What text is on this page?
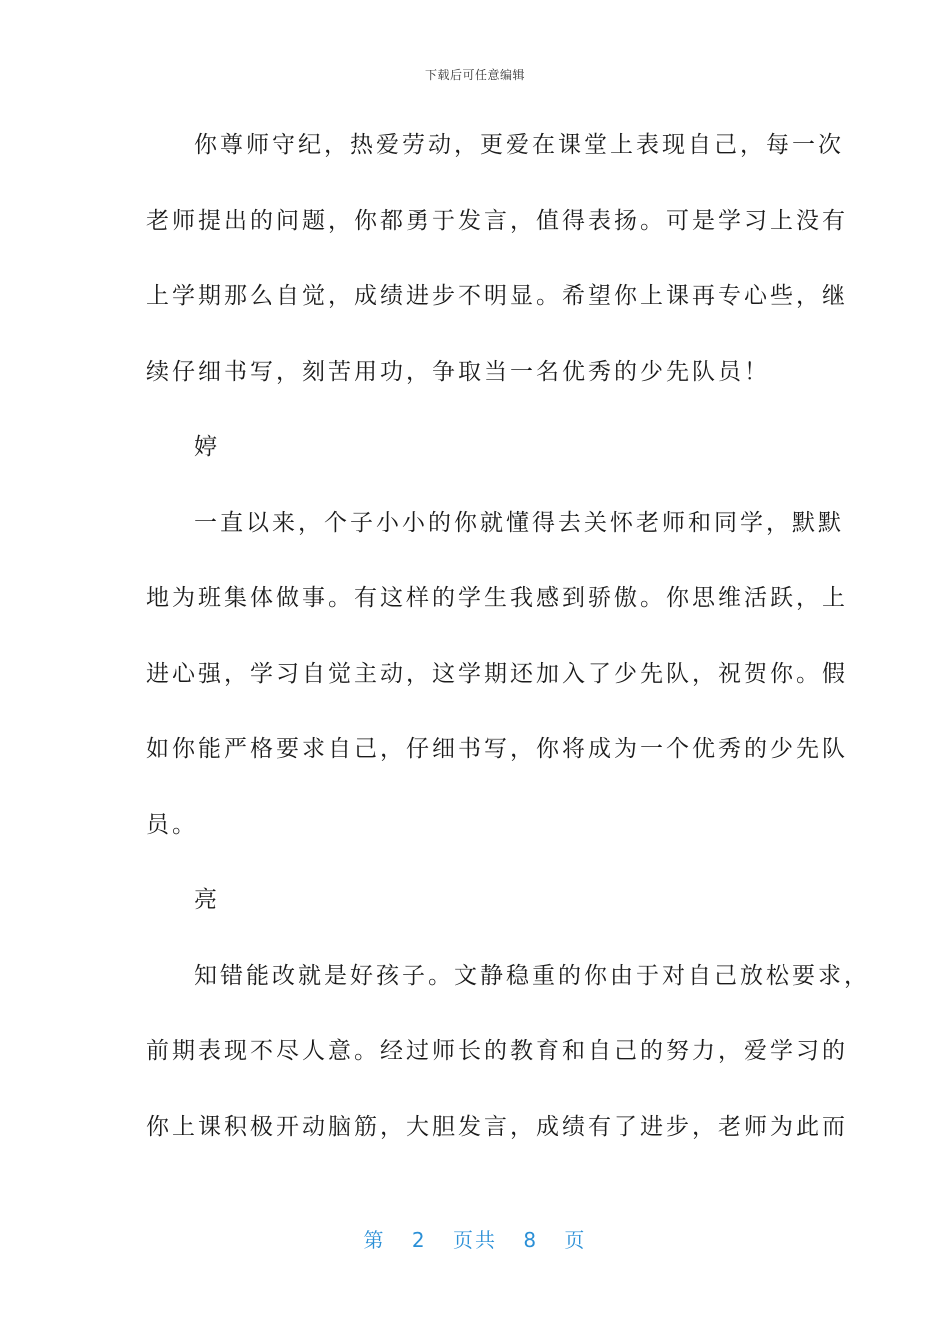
下载后可任意编辑
你尊师守纪，热爱劳动，更爱在课堂上表现自己，每一次
老师提出的问题，你都勇于发言，值得表扬。可是学习上没有
上学期那么自觉，成绩进步不明显。希望你上课再专心些，继
续仔细书写，刻苦用功，争取当一名优秀的少先队员！
婷
一直以来，个子小小的你就懂得去关怀老师和同学，默默
地为班集体做事。有这样的学生我感到骄傲。你思维活跃，上
进心强，学习自觉主动，这学期还加入了少先队，祝贺你。假
如你能严格要求自己，仔细书写，你将成为一个优秀的少先队
员。
亮
知错能改就是好孩子。文静稳重的你由于对自己放松要求，
前期表现不尽人意。经过师长的教育和自己的努力，爱学习的
你上课积极开动脑筋，大胆发言，成绩有了进步，老师为此而
第 2 页共 8 页
